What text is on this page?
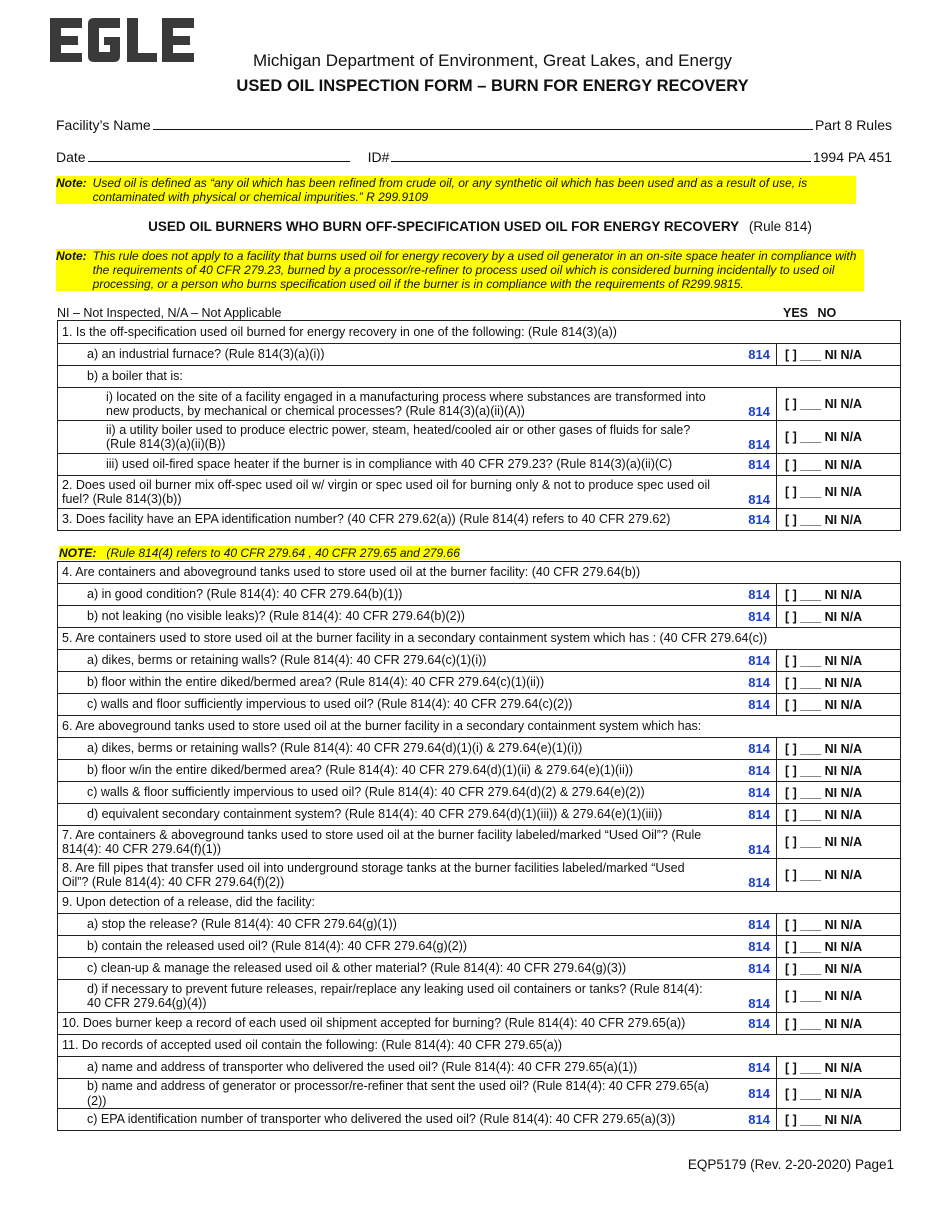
Michigan Department of Environment, Great Lakes, and Energy
USED OIL INSPECTION FORM – BURN FOR ENERGY RECOVERY
Facility’s Name	Part 8 Rules
Date	ID#	1994 PA 451
Note: Used oil is defined as “any oil which has been refined from crude oil, or any synthetic oil which has been used and as a result of use, is contaminated with physical or chemical impurities.” R 299.9109
USED OIL BURNERS WHO BURN OFF-SPECIFICATION USED OIL FOR ENERGY RECOVERY (Rule 814)
Note: This rule does not apply to a facility that burns used oil for energy recovery by a used oil generator in an on-site space heater in compliance with the requirements of 40 CFR 279.23, burned by a processor/re-refiner to process used oil which is considered burning incidentally to used oil processing, or a person who burns specification used oil if the burner is in compliance with the requirements of R299.9815.
NI – Not Inspected, N/A – Not Applicable	YES NO
1. Is the off-specification used oil burned for energy recovery in one of the following: (Rule 814(3)(a))		
a) an industrial furnace? (Rule 814(3)(a)(i))	814	[ ] ___ NI N/A
b) a boiler that is:		
i) located on the site of a facility engaged in a manufacturing process where substances are transformed into new products, by mechanical or chemical processes? (Rule 814(3)(a)(ii)(A))	814	[ ] ___ NI N/A
ii) a utility boiler used to produce electric power, steam, heated/cooled air or other gases of fluids for sale? (Rule 814(3)(a)(ii)(B))	814	[ ] ___ NI N/A
iii) used oil-fired space heater if the burner is in compliance with 40 CFR 279.23? (Rule 814(3)(a)(ii)(C)	814	[ ] ___ NI N/A
2. Does used oil burner mix off-spec used oil w/ virgin or spec used oil for burning only & not to produce spec used oil fuel? (Rule 814(3)(b))	814	[ ] ___ NI N/A
3. Does facility have an EPA identification number? (40 CFR 279.62(a)) (Rule 814(4) refers to 40 CFR 279.62)	814	[ ] ___ NI N/A
NOTE: (Rule 814(4) refers to 40 CFR 279.64 , 40 CFR 279.65 and 279.66
4. Are containers and aboveground tanks used to store used oil at the burner facility: (40 CFR 279.64(b))		
a) in good condition? (Rule 814(4): 40 CFR 279.64(b)(1))	814	[ ] ___ NI N/A
b) not leaking (no visible leaks)? (Rule 814(4): 40 CFR 279.64(b)(2))	814	[ ] ___ NI N/A
5. Are containers used to store used oil at the burner facility in a secondary containment system which has : (40 CFR 279.64(c))		
a) dikes, berms or retaining walls? (Rule 814(4): 40 CFR 279.64(c)(1)(i))	814	[ ] ___ NI N/A
b) floor within the entire diked/bermed area? (Rule 814(4): 40 CFR 279.64(c)(1)(ii))	814	[ ] ___ NI N/A
c) walls and floor sufficiently impervious to used oil? (Rule 814(4): 40 CFR 279.64(c)(2))	814	[ ] ___ NI N/A
6. Are aboveground tanks used to store used oil at the burner facility in a secondary containment system which has:		
a) dikes, berms or retaining walls? (Rule 814(4): 40 CFR 279.64(d)(1)(i) & 279.64(e)(1)(i))	814	[ ] ___ NI N/A
b) floor w/in the entire diked/bermed area? (Rule 814(4): 40 CFR 279.64(d)(1)(ii) & 279.64(e)(1)(ii))	814	[ ] ___ NI N/A
c) walls & floor sufficiently impervious to used oil? (Rule 814(4): 40 CFR 279.64(d)(2) & 279.64(e)(2))	814	[ ] ___ NI N/A
d) equivalent secondary containment system? (Rule 814(4): 40 CFR 279.64(d)(1)(iii)) & 279.64(e)(1)(iii))	814	[ ] ___ NI N/A
7. Are containers & aboveground tanks used to store used oil at the burner facility labeled/marked “Used Oil”? (Rule 814(4): 40 CFR 279.64(f)(1))	814	[ ] ___ NI N/A
8. Are fill pipes that transfer used oil into underground storage tanks at the burner facilities labeled/marked “Used Oil”? (Rule 814(4): 40 CFR 279.64(f)(2))	814	[ ] ___ NI N/A
9. Upon detection of a release, did the facility:		
a) stop the release? (Rule 814(4): 40 CFR 279.64(g)(1))	814	[ ] ___ NI N/A
b) contain the released used oil? (Rule 814(4): 40 CFR 279.64(g)(2))	814	[ ] ___ NI N/A
c) clean-up & manage the released used oil & other material? (Rule 814(4): 40 CFR 279.64(g)(3))	814	[ ] ___ NI N/A
d) if necessary to prevent future releases, repair/replace any leaking used oil containers or tanks? (Rule 814(4): 40 CFR 279.64(g)(4))	814	[ ] ___ NI N/A
10. Does burner keep a record of each used oil shipment accepted for burning? (Rule 814(4): 40 CFR 279.65(a))	814	[ ] ___ NI N/A
11. Do records of accepted used oil contain the following: (Rule 814(4): 40 CFR 279.65(a))		
a) name and address of transporter who delivered the used oil? (Rule 814(4): 40 CFR 279.65(a)(1))	814	[ ] ___ NI N/A
b) name and address of generator or processor/re-refiner that sent the used oil? (Rule 814(4): 40 CFR 279.65(a)(2))	814	[ ] ___ NI N/A
c) EPA identification number of transporter who delivered the used oil? (Rule 814(4): 40 CFR 279.65(a)(3))	814	[ ] ___ NI N/A
EQP5179 (Rev. 2-20-2020) Page1
